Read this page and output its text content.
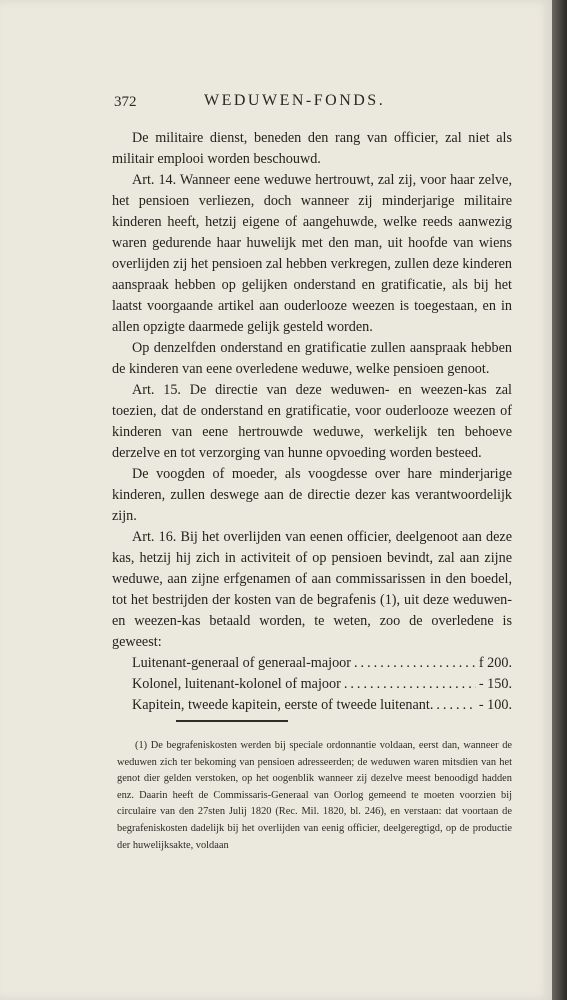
372	WEDUWEN-FONDS.

De militaire dienst, beneden den rang van officier, zal niet als militair emplooi worden beschouwd.

Art. 14. Wanneer eene weduwe hertrouwt, zal zij, voor haar zelve, het pensioen verliezen, doch wanneer zij minderjarige militaire kinderen heeft, hetzij eigene of aangehuwde, welke reeds aanwezig waren gedurende haar huwelijk met den man, uit hoofde van wiens overlijden zij het pensioen zal hebben verkregen, zullen deze kinderen aanspraak hebben op gelijken onderstand en gratificatie, als bij het laatst voorgaande artikel aan ouderlooze weezen is toegestaan, en in allen opzigte daarmede gelijk gesteld worden.

Op denzelfden onderstand en gratificatie zullen aanspraak hebben de kinderen van eene overledene weduwe, welke pensioen genoot.

Art. 15. De directie van deze weduwen- en weezen-kas zal toezien, dat de onderstand en gratificatie, voor ouderlooze weezen of kinderen van eene hertrouwde weduwe, werkelijk ten behoeve derzelve en tot verzorging van hunne opvoeding worden besteed.

De voogden of moeder, als voogdesse over hare minderjarige kinderen, zullen deswege aan de directie dezer kas verantwoordelijk zijn.

Art. 16. Bij het overlijden van eenen officier, deelgenoot aan deze kas, hetzij hij zich in activiteit of op pensioen bevindt, zal aan zijne weduwe, aan zijne erfgenamen of aan commissarissen in den boedel, tot het bestrijden der kosten van de begrafenis (1), uit deze weduwen- en weezen-kas betaald worden, te weten, zoo de overledene is geweest:

Luitenant-generaal of generaal-majoor .....	f 200.
Kolonel, luitenant-kolonel of majoor .....	- 150.
Kapitein, tweede kapitein, eerste of tweede luitenant. .....	- 100.

(1) De begrafeniskosten werden bij speciale ordonnantie voldaan, eerst dan, wanneer de weduwen zich ter bekoming van pensioen adresseerden; de weduwen waren mitsdien van het genot dier gelden verstoken, op het oogenblik wanneer zij dezelve meest benoodigd hadden enz. Daarin heeft de Commissaris-Generaal van Oorlog gemeend te moeten voorzien bij circulaire van den 27sten Julij 1820 (Rec. Mil. 1820, bl. 246), en verstaan: dat voortaan de begrafeniskosten dadelijk bij het overlijden van eenig officier, deelgeregtigd, op de productie der huwelijksakte, voldaan
